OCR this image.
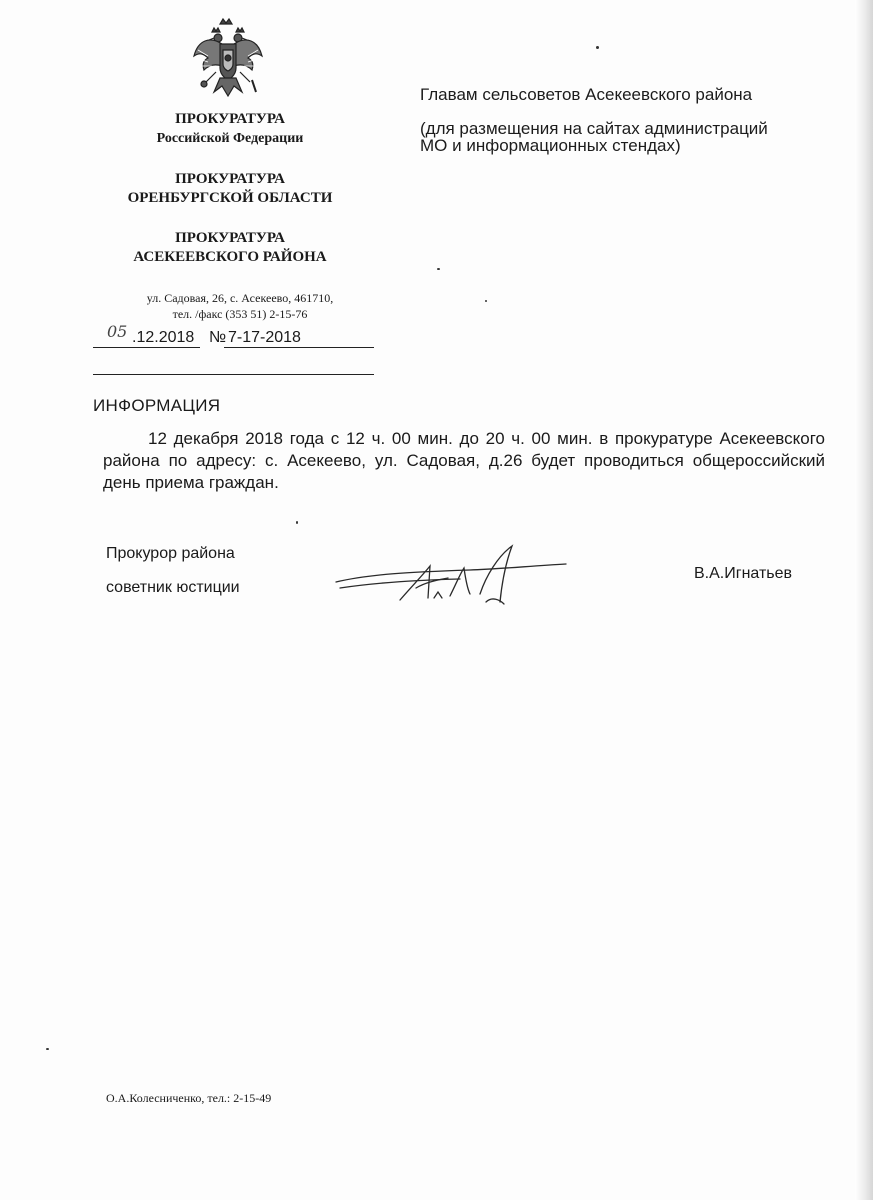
ПРОКУРАТУРА
Российской Федерации
ПРОКУРАТУРА
ОРЕНБУРГСКОЙ ОБЛАСТИ
ПРОКУРАТУРА
АСЕКЕЕВСКОГО РАЙОНА
ул. Садовая, 26, с. Асекеево, 461710,
тел. /факс (353 51) 2-15-76
05 .12.2018 № 7-17-2018
Главам сельсоветов Асекеевского района
(для размещения на сайтах администраций
МО и информационных стендах)
ИНФОРМАЦИЯ
12 декабря 2018 года с 12 ч. 00 мин. до 20 ч. 00 мин. в прокуратуре Асекеевского района по адресу: с. Асекеево, ул. Садовая, д.26 будет проводиться общероссийский день приема граждан.
Прокурор района
советник юстиции
В.А.Игнатьев
О.А.Колесниченко, тел.: 2-15-49
